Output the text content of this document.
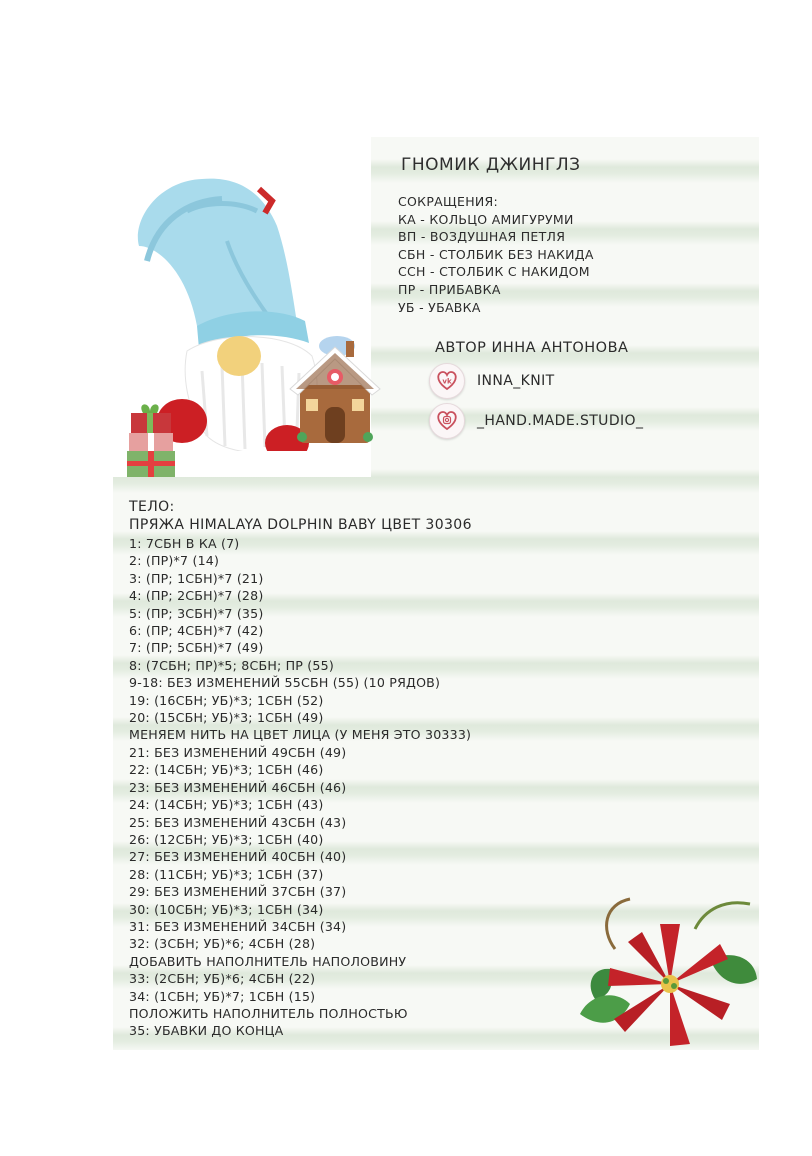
ГНОМИК ДЖИНГЛЗ
СОКРАЩЕНИЯ:
КА - КОЛЬЦО АМИГУРУМИ
ВП - ВОЗДУШНАЯ ПЕТЛЯ
СБН - СТОЛБИК БЕЗ НАКИДА
ССН - СТОЛБИК С НАКИДОМ
ПР - ПРИБАВКА
УБ - УБАВКА
АВТОР ИННА АНТОНОВА
vk INNA_KNIT
_HAND.MADE.STUDIO_
ТЕЛО:
ПРЯЖА HIMALAYA DOLPHIN BABY ЦВЕТ 30306
1: 7СБН В КА (7)
2: (ПР)*7 (14)
3: (ПР; 1СБН)*7 (21)
4: (ПР; 2СБН)*7 (28)
5: (ПР; 3СБН)*7 (35)
6: (ПР; 4СБН)*7 (42)
7: (ПР; 5СБН)*7 (49)
8: (7СБН; ПР)*5; 8СБН; ПР (55)
9-18: БЕЗ ИЗМЕНЕНИЙ 55СБН (55) (10 РЯДОВ)
19: (16СБН; УБ)*3; 1СБН (52)
20: (15СБН; УБ)*3; 1СБН (49)
МЕНЯЕМ НИТЬ НА ЦВЕТ ЛИЦА (У МЕНЯ ЭТО 30333)
21: БЕЗ ИЗМЕНЕНИЙ 49СБН (49)
22: (14СБН; УБ)*3; 1СБН (46)
23: БЕЗ ИЗМЕНЕНИЙ 46СБН (46)
24: (14СБН; УБ)*3; 1СБН (43)
25: БЕЗ ИЗМЕНЕНИЙ 43СБН (43)
26: (12СБН; УБ)*3; 1СБН (40)
27: БЕЗ ИЗМЕНЕНИЙ 40СБН (40)
28: (11СБН; УБ)*3; 1СБН (37)
29: БЕЗ ИЗМЕНЕНИЙ 37СБН (37)
30: (10СБН; УБ)*3; 1СБН (34)
31: БЕЗ ИЗМЕНЕНИЙ 34СБН (34)
32: (3СБН; УБ)*6; 4СБН (28)
ДОБАВИТЬ НАПОЛНИТЕЛЬ НАПОЛОВИНУ
33: (2СБН; УБ)*6; 4СБН (22)
34: (1СБН; УБ)*7; 1СБН (15)
ПОЛОЖИТЬ НАПОЛНИТЕЛЬ ПОЛНОСТЬЮ
35: УБАВКИ ДО КОНЦА
